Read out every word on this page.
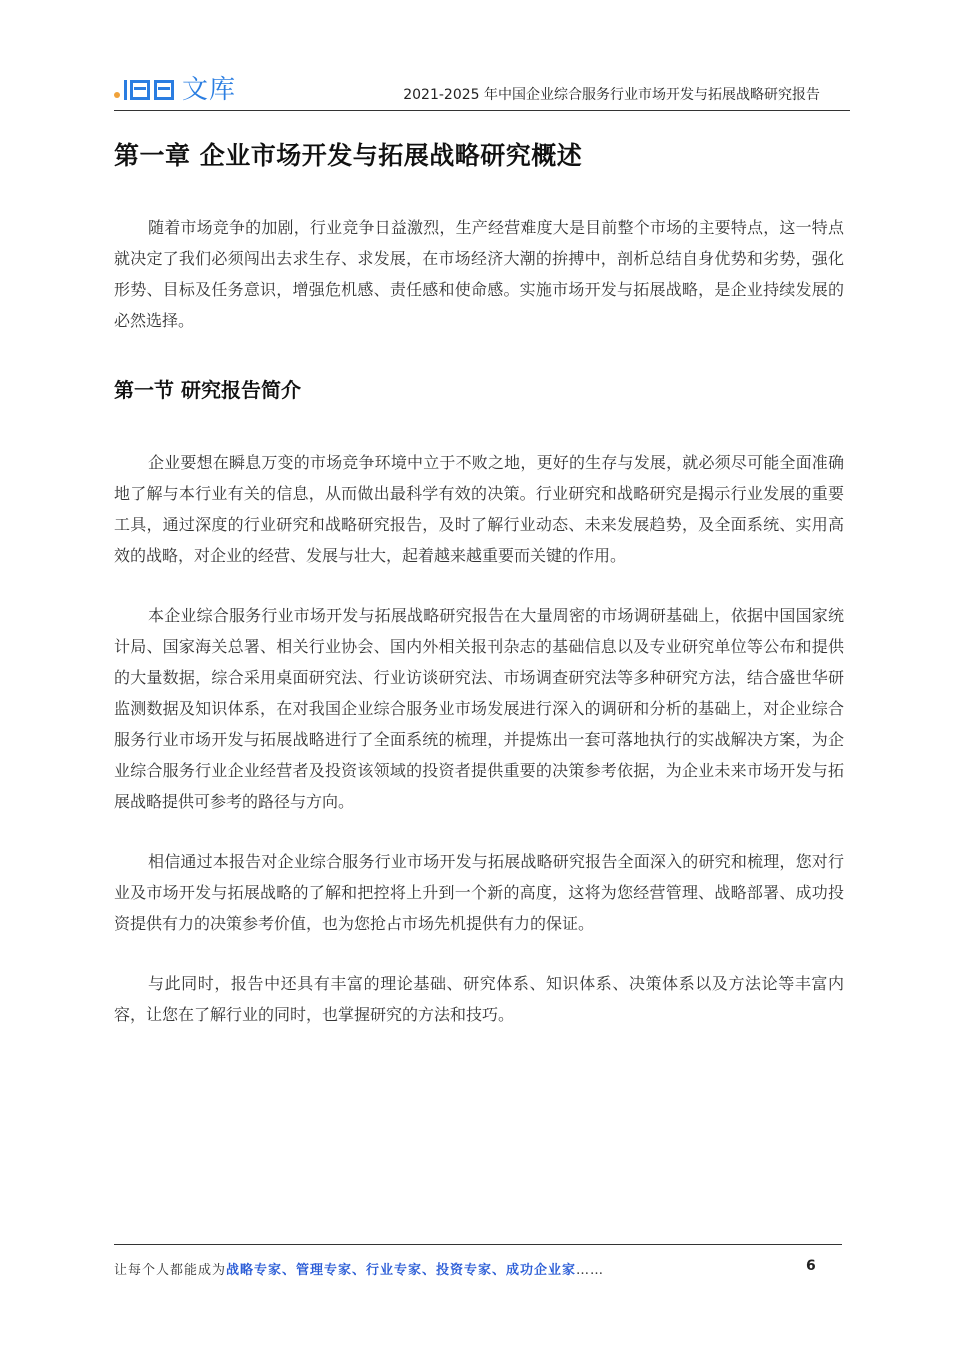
文库	2021-2025 年中国企业综合服务行业市场开发与拓展战略研究报告
第一章 企业市场开发与拓展战略研究概述

随着市场竞争的加剧，行业竞争日益激烈，生产经营难度大是目前整个市场的主要特点，这一特点就决定了我们必须闯出去求生存、求发展，在市场经济大潮的拚搏中，剖析总结自身优势和劣势，强化形势、目标及任务意识，增强危机感、责任感和使命感。实施市场开发与拓展战略，是企业持续发展的必然选择。

第一节 研究报告简介

企业要想在瞬息万变的市场竞争环境中立于不败之地，更好的生存与发展，就必须尽可能全面准确地了解与本行业有关的信息，从而做出最科学有效的决策。行业研究和战略研究是揭示行业发展的重要工具，通过深度的行业研究和战略研究报告，及时了解行业动态、未来发展趋势，及全面系统、实用高效的战略，对企业的经营、发展与壮大，起着越来越重要而关键的作用。

本企业综合服务行业市场开发与拓展战略研究报告在大量周密的市场调研基础上，依据中国国家统计局、国家海关总署、相关行业协会、国内外相关报刊杂志的基础信息以及专业研究单位等公布和提供的大量数据，综合采用桌面研究法、行业访谈研究法、市场调查研究法等多种研究方法，结合盛世华研监测数据及知识体系，在对我国企业综合服务业市场发展进行深入的调研和分析的基础上，对企业综合服务行业市场开发与拓展战略进行了全面系统的梳理，并提炼出一套可落地执行的实战解决方案，为企业综合服务行业企业经营者及投资该领域的投资者提供重要的决策参考依据，为企业未来市场开发与拓展战略提供可参考的路径与方向。

相信通过本报告对企业综合服务行业市场开发与拓展战略研究报告全面深入的研究和梳理，您对行业及市场开发与拓展战略的了解和把控将上升到一个新的高度，这将为您经营管理、战略部署、成功投资提供有力的决策参考价值，也为您抢占市场先机提供有力的保证。

与此同时，报告中还具有丰富的理论基础、研究体系、知识体系、决策体系以及方法论等丰富内容，让您在了解行业的同时，也掌握研究的方法和技巧。

让每个人都能成为战略专家、管理专家、行业专家、投资专家、成功企业家……	6
